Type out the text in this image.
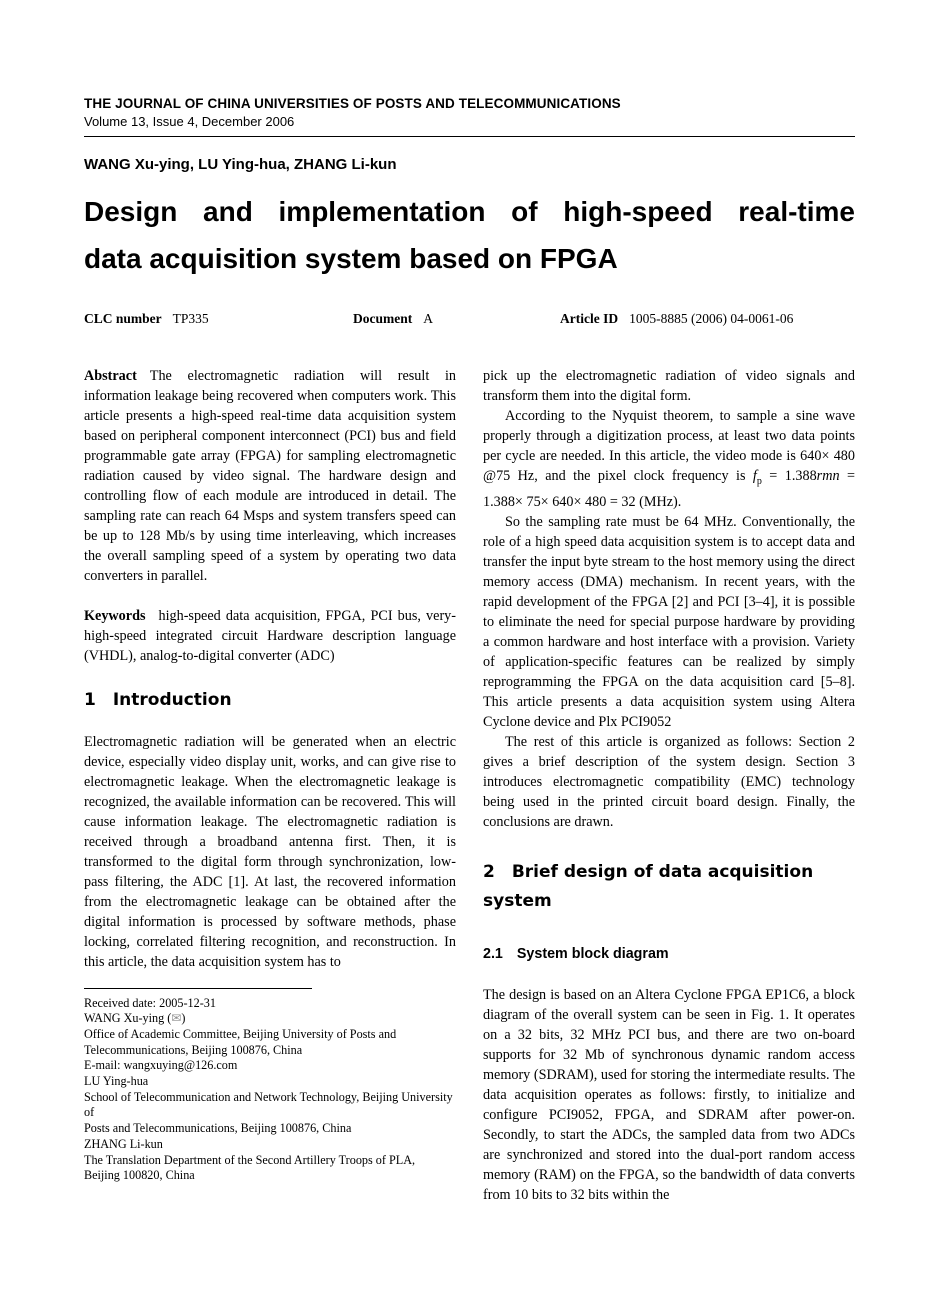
THE JOURNAL OF CHINA UNIVERSITIES OF POSTS AND TELECOMMUNICATIONS
Volume 13, Issue 4, December 2006
WANG Xu-ying, LU Ying-hua, ZHANG Li-kun
Design and implementation of high-speed real-time
data acquisition system based on FPGA
CLC number TP335	Document A	Article ID 1005-8885 (2006) 04-0061-06

Abstract The electromagnetic radiation will result in information leakage being recovered when computers work. This article presents a high-speed real-time data acquisition system based on peripheral component interconnect (PCI) bus and field programmable gate array (FPGA) for sampling electromagnetic radiation caused by video signal. The hardware design and controlling flow of each module are introduced in detail. The sampling rate can reach 64 Msps and system transfers speed can be up to 128 Mb/s by using time interleaving, which increases the overall sampling speed of a system by operating two data converters in parallel.

Keywords high-speed data acquisition, FPGA, PCI bus, very-high-speed integrated circuit Hardware description language (VHDL), analog-to-digital converter (ADC)

1 Introduction

Electromagnetic radiation will be generated when an electric device, especially video display unit, works, and can give rise to electromagnetic leakage. When the electromagnetic leakage is recognized, the available information can be recovered. This will cause information leakage. The electromagnetic radiation is received through a broadband antenna first. Then, it is transformed to the digital form through synchronization, low-pass filtering, the ADC [1]. At last, the recovered information from the electromagnetic leakage can be obtained after the digital information is processed by software methods, phase locking, correlated filtering recognition, and reconstruction. In this article, the data acquisition system has to

Received date: 2005-12-31
WANG Xu-ying (✉)
Office of Academic Committee, Beijing University of Posts and
Telecommunications, Beijing 100876, China
E-mail: wangxuying@126.com
LU Ying-hua
School of Telecommunication and Network Technology, Beijing University of
Posts and Telecommunications, Beijing 100876, China
ZHANG Li-kun
The Translation Department of the Second Artillery Troops of PLA,
Beijing 100820, China

pick up the electromagnetic radiation of video signals and transform them into the digital form.

According to the Nyquist theorem, to sample a sine wave properly through a digitization process, at least two data points per cycle are needed. In this article, the video mode is 640× 480 @75 Hz, and the pixel clock frequency is $f_p = 1.388rmn = 1.388\times 75\times 640\times 480 = 32$ (MHz).

So the sampling rate must be 64 MHz. Conventionally, the role of a high speed data acquisition system is to accept data and transfer the input byte stream to the host memory using the direct memory access (DMA) mechanism. In recent years, with the rapid development of the FPGA [2] and PCI [3–4], it is possible to eliminate the need for special purpose hardware by providing a common hardware and host interface with a provision. Variety of application-specific features can be realized by simply reprogramming the FPGA on the data acquisition card [5–8]. This article presents a data acquisition system using Altera Cyclone device and Plx PCI9052

The rest of this article is organized as follows: Section 2 gives a brief description of the system design. Section 3 introduces electromagnetic compatibility (EMC) technology being used in the printed circuit board design. Finally, the conclusions are drawn.

2 Brief design of data acquisition system
2.1 System block diagram

The design is based on an Altera Cyclone FPGA EP1C6, a block diagram of the overall system can be seen in Fig. 1. It operates on a 32 bits, 32 MHz PCI bus, and there are two on-board supports for 32 Mb of synchronous dynamic random access memory (SDRAM), used for storing the intermediate results. The data acquisition operates as follows: firstly, to initialize and configure PCI9052, FPGA, and SDRAM after power-on. Secondly, to start the ADCs, the sampled data from two ADCs are synchronized and stored into the dual-port random access memory (RAM) on the FPGA, so the bandwidth of data converts from 10 bits to 32 bits within the
